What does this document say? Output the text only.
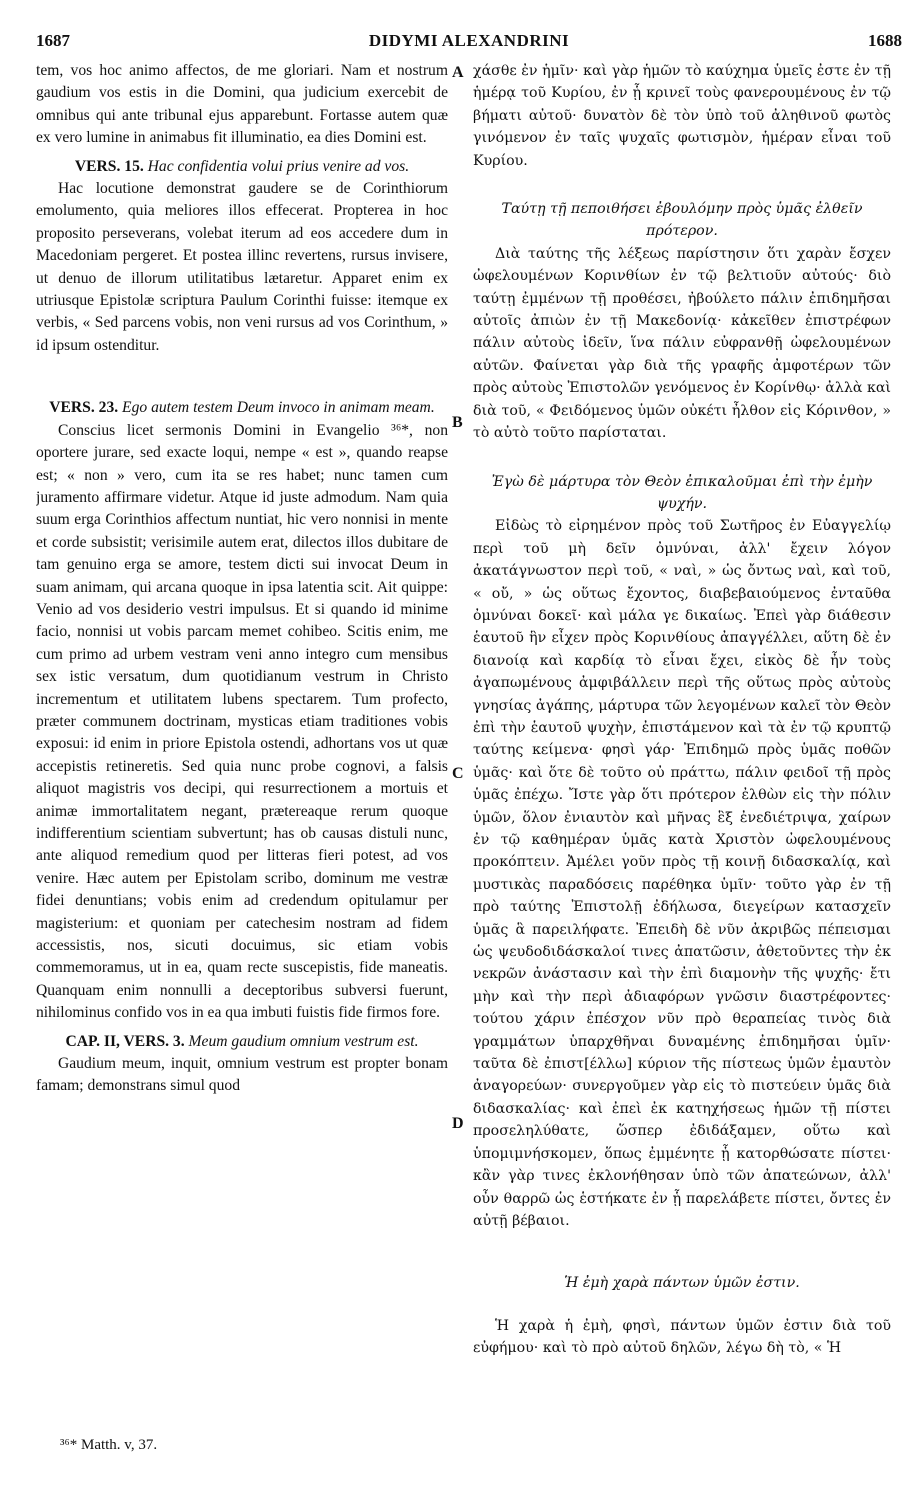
1687	DIDYMI ALEXANDRINI	1688

tem, vos hoc animo affectos, de me gloriari. Nam et nostrum gaudium vos estis in die Domini, qua judicium exercebit de omnibus qui ante tribunal ejus apparebunt. Fortasse autem quæ ex vero lumine in animabus fit illuminatio, ea dies Domini est.

VERS. 15. Hac confidentia volui prius venire ad vos.

Hac locutione demonstrat gaudere se de Corinthiorum emolumento, quia meliores illos effecerat. Propterea in hoc proposito perseverans, volebat iterum ad eos accedere dum in Macedoniam pergeret. Et postea illinc revertens, rursus invisere, ut denuo de illorum utilitatibus lætaretur. Apparet enim ex utriusque Epistolæ scriptura Paulum Corinthi fuisse: itemque ex verbis, « Sed parcens vobis, non veni rursus ad vos Corinthum, » id ipsum ostenditur.

VERS. 23. Ego autem testem Deum invoco in animam meam.

Conscius licet sermonis Domini in Evangelio ³⁶*, non oportere jurare, sed exacte loqui, nempe « est », quando reapse est; « non » vero, cum ita se res habet; nunc tamen cum juramento affirmare videtur. Atque id juste admodum. Nam quia suum erga Corinthios affectum nuntiat, hic vero nonnisi in mente et corde subsistit; verisimile autem erat, dilectos illos dubitare de tam genuino erga se amore, testem dicti sui invocat Deum in suam animam, qui arcana quoque in ipsa latentia scit. Ait quippe: Venio ad vos desiderio vestri impulsus. Et si quando id minime facio, nonnisi ut vobis parcam memet cohibeo. Scitis enim, me cum primo ad urbem vestram veni anno integro cum mensibus sex istic versatum, dum quotidianum vestrum in Christo incrementum et utilitatem lubens spectarem. Tum profecto, præter communem doctrinam, mysticas etiam traditiones vobis exposui: id enim in priore Epistola ostendi, adhortans vos ut quæ accepistis retineretis. Sed quia nunc probe cognovi, a falsis aliquot magistris vos decipi, qui resurrectionem a mortuis et animæ immortalitatem negant, prætereaque rerum quoque indifferentium scientiam subvertunt; has ob causas distuli nunc, ante aliquod remedium quod per litteras fieri potest, ad vos venire. Hæc autem per Epistolam scribo, dominum me vestræ fidei denuntians; vobis enim ad credendum opitulamur per magisterium: et quoniam per catechesim nostram ad fidem accessistis, nos, sicuti docuimus, sic etiam vobis commemoramus, ut in ea, quam recte suscepistis, fide maneatis. Quanquam enim nonnulli a deceptoribus subversi fuerunt, nihilominus confido vos in ea qua imbuti fuistis fide firmos fore.

CAP. II, VERS. 3. Meum gaudium omnium vestrum est.

Gaudium meum, inquit, omnium vestrum est propter bonam famam; demonstrans simul quod

A
B
C
D

χάσθε ἐν ἡμῖν· καὶ γὰρ ἡμῶν τὸ καύχημα ὑμεῖς ἐστε ἐν τῇ ἡμέρᾳ τοῦ Κυρίου, ἐν ᾗ κρινεῖ τοὺς φανερουμένους ἐν τῷ βήματι αὐτοῦ· δυνατὸν δὲ τὸν ὑπὸ τοῦ ἀληθινοῦ φωτὸς γινόμενον ἐν ταῖς ψυχαῖς φωτισμὸν, ἡμέραν εἶναι τοῦ Κυρίου.

Ταύτῃ τῇ πεποιθήσει ἐβουλόμην πρὸς ὑμᾶς ἐλθεῖν πρότερον.

Διὰ ταύτης τῆς λέξεως παρίστησιν ὅτι χαρὰν ἔσχεν ὠφελουμένων Κορινθίων ἐν τῷ βελτιοῦν αὐτούς· διὸ ταύτῃ ἐμμένων τῇ προθέσει, ἠβούλετο πάλιν ἐπιδημῆσαι αὐτοῖς ἀπιὼν ἐν τῇ Μακεδονίᾳ· κἀκεῖθεν ἐπιστρέφων πάλιν αὐτοὺς ἰδεῖν, ἵνα πάλιν εὐφρανθῇ ὠφελουμένων αὐτῶν. Φαίνεται γὰρ διὰ τῆς γραφῆς ἀμφοτέρων τῶν πρὸς αὐτοὺς Ἐπιστολῶν γενόμενος ἐν Κορίνθῳ· ἀλλὰ καὶ διὰ τοῦ, « Φειδόμενος ὑμῶν οὐκέτι ἦλθον εἰς Κόρινθον, » τὸ αὐτὸ τοῦτο παρίσταται.

Ἐγὼ δὲ μάρτυρα τὸν Θεὸν ἐπικαλοῦμαι ἐπὶ τὴν ἐμὴν ψυχήν.

Εἰδὼς τὸ εἰρημένον πρὸς τοῦ Σωτῆρος ἐν Εὐαγγελίῳ περὶ τοῦ μὴ δεῖν ὀμνύναι, ἀλλ' ἔχειν λόγον ἀκατάγνωστον περὶ τοῦ, « ναὶ, » ὡς ὄντως ναὶ, καὶ τοῦ, « οὔ, » ὡς οὕτως ἔχοντος, διαβεβαιούμενος ἐνταῦθα ὀμνύναι δοκεῖ· καὶ μάλα γε δικαίως. Ἐπεὶ γὰρ διάθεσιν ἑαυτοῦ ἣν εἶχεν πρὸς Κορινθίους ἀπαγγέλλει, αὕτη δὲ ἐν διανοίᾳ καὶ καρδίᾳ τὸ εἶναι ἔχει, εἰκὸς δὲ ἦν τοὺς ἀγαπωμένους ἀμφιβάλλειν περὶ τῆς οὕτως πρὸς αὐτοὺς γνησίας ἀγάπης, μάρτυρα τῶν λεγομένων καλεῖ τὸν Θεὸν ἐπὶ τὴν ἑαυτοῦ ψυχὴν, ἐπιστάμενον καὶ τὰ ἐν τῷ κρυπτῷ ταύτης κείμενα· φησὶ γάρ· Ἐπιδημῶ πρὸς ὑμᾶς ποθῶν ὑμᾶς· καὶ ὅτε δὲ τοῦτο οὐ πράττω, πάλιν φειδοῖ τῇ πρὸς ὑμᾶς ἐπέχω. Ἴστε γὰρ ὅτι πρότερον ἐλθὼν εἰς τὴν πόλιν ὑμῶν, ὅλον ἐνιαυτὸν καὶ μῆνας ἓξ ἐνεδιέτριψα, χαίρων ἐν τῷ καθημέραν ὑμᾶς κατὰ Χριστὸν ὠφελουμένους προκόπτειν. Ἀμέλει γοῦν πρὸς τῇ κοινῇ διδασκαλίᾳ, καὶ μυστικὰς παραδόσεις παρέθηκα ὑμῖν· τοῦτο γὰρ ἐν τῇ πρὸ ταύτης Ἐπιστολῇ ἐδήλωσα, διεγείρων κατασχεῖν ὑμᾶς ἃ παρειλήφατε. Ἐπειδὴ δὲ νῦν ἀκριβῶς πέπεισμαι ὡς ψευδοδιδάσκαλοί τινες ἀπατῶσιν, ἀθετοῦντες τὴν ἐκ νεκρῶν ἀνάστασιν καὶ τὴν ἐπὶ διαμονὴν τῆς ψυχῆς· ἔτι μὴν καὶ τὴν περὶ ἀδιαφόρων γνῶσιν διαστρέφοντες· τούτου χάριν ἐπέσχον νῦν πρὸ θεραπείας τινὸς διὰ γραμμάτων ὑπαρχθῆναι δυναμένης ἐπιδημῆσαι ὑμῖν· ταῦτα δὲ ἐπιστ[έλλω] κύριον τῆς πίστεως ὑμῶν ἐμαυτὸν ἀναγορεύων· συνεργοῦμεν γὰρ εἰς τὸ πιστεύειν ὑμᾶς διὰ διδασκαλίας· καὶ ἐπεὶ ἐκ κατηχήσεως ἡμῶν τῇ πίστει προσεληλύθατε, ὥσπερ ἐδιδάξαμεν, οὕτω καὶ ὑπομιμνήσκομεν, ὅπως ἐμμένητε ᾗ κατορθώσατε πίστει· κἂν γὰρ τινες ἐκλονήθησαν ὑπὸ τῶν ἀπατεώνων, ἀλλ' οὖν θαρρῶ ὡς ἑστήκατε ἐν ᾗ παρελάβετε πίστει, ὄντες ἐν αὐτῇ βέβαιοι.

Ἡ ἐμὴ χαρὰ πάντων ὑμῶν ἐστιν.

Ἡ χαρὰ ἡ ἐμὴ, φησὶ, πάντων ὑμῶν ἐστιν διὰ τοῦ εὐφήμου· καὶ τὸ πρὸ αὐτοῦ δηλῶν, λέγω δὴ τὸ, « Ἡ

³⁶* Matth. v, 37.
